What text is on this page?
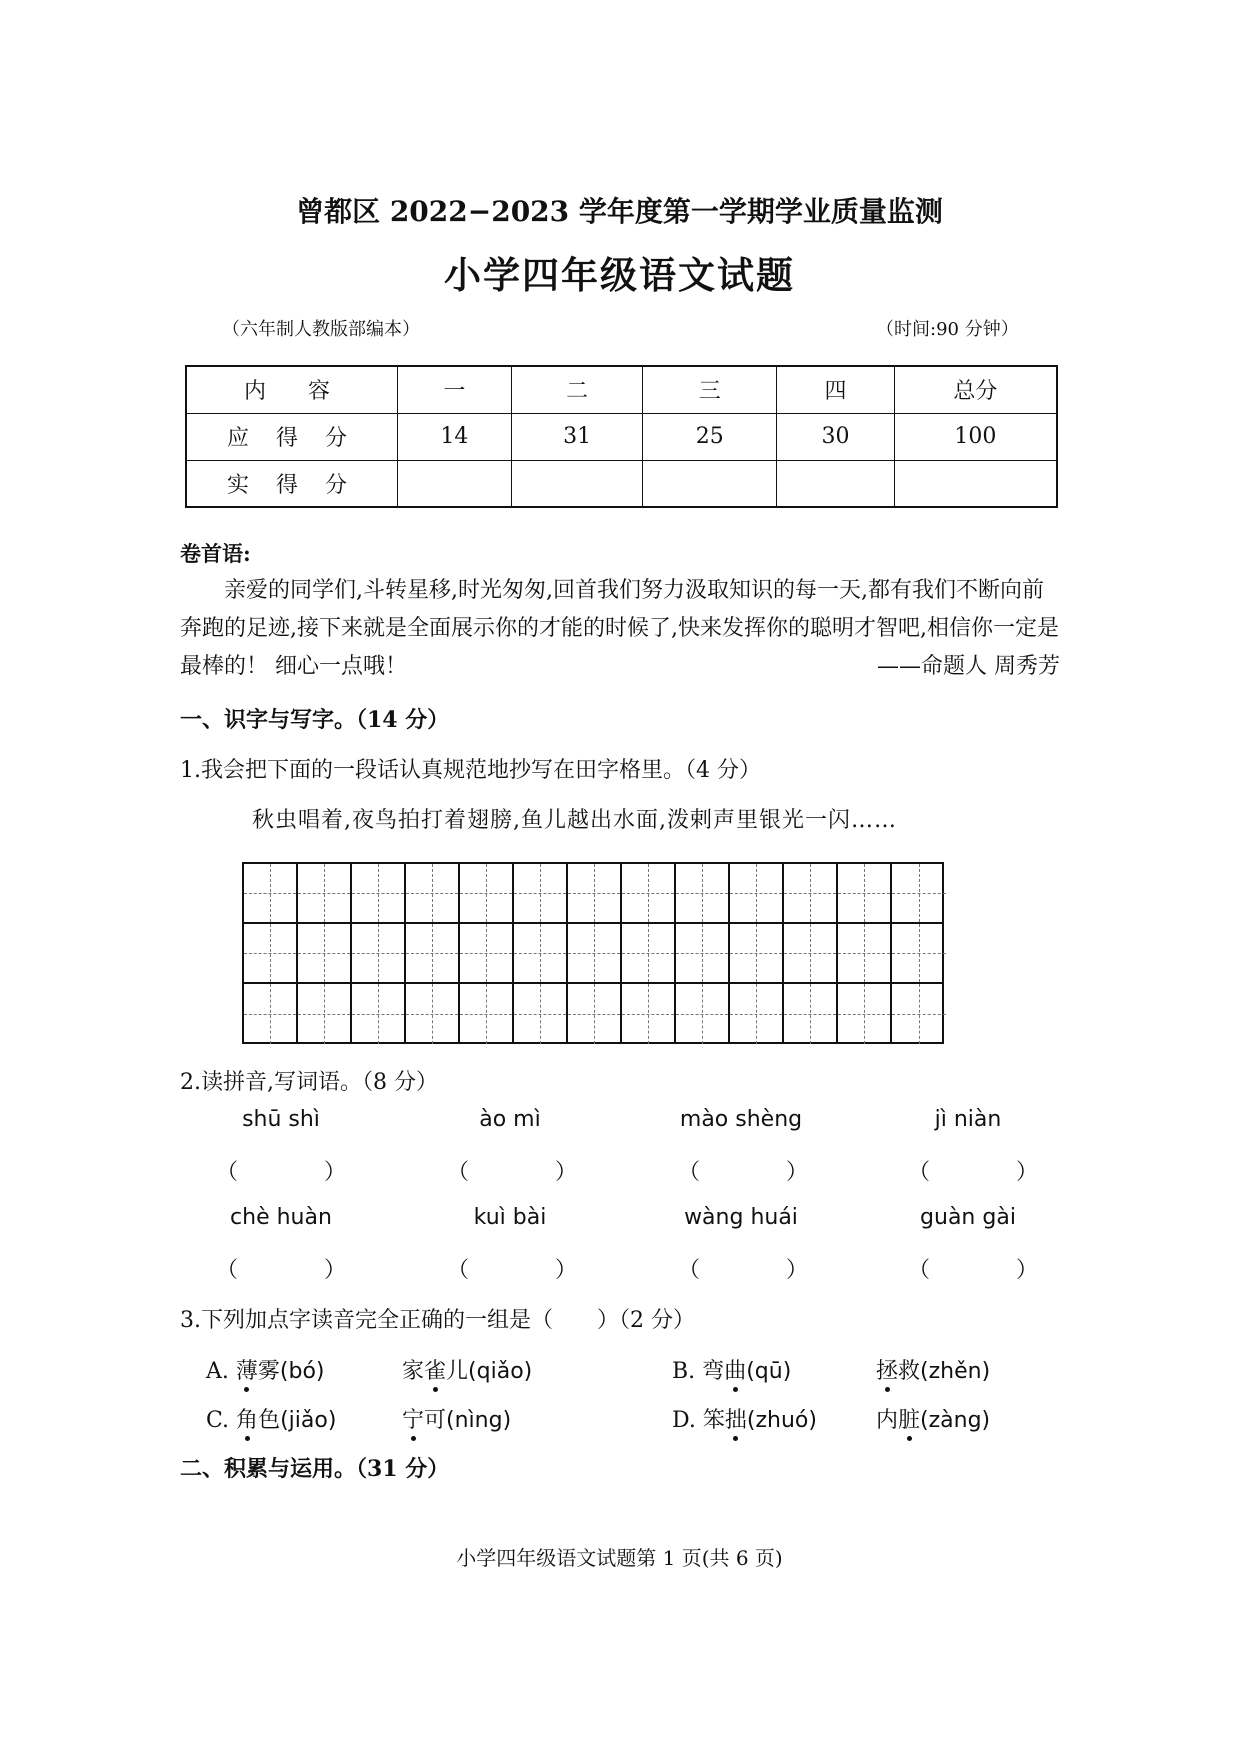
曾都区 2022−2023 学年度第一学期学业质量监测
小学四年级语文试题
（六年制人教版部编本）	（时间:90 分钟）
内　容	一	二	三	四	总分
应 得 分	14	31	25	30	100
实 得 分					
卷首语:

亲爱的同学们,斗转星移,时光匆匆,回首我们努力汲取知识的每一天,都有我们不断向前奔跑的足迹,接下来就是全面展示你的才能的时候了,快来发挥你的聪明才智吧,相信你一定是最棒的！ 细心一点哦！	——命题人 周秀芳
一、识字与写字。（14 分）
1.我会把下面的一段话认真规范地抄写在田字格里。（4 分）
秋虫唱着,夜鸟拍打着翅膀,鱼儿越出水面,泼剌声里银光一闪……
2.读拼音,写词语。（8 分）
shū shì	ào mì	mào shèng	jì niàn
（	）	（	）	（	）	（	）
chè huàn	kuì bài	wàng huái	guàn gài
（	）	（	）	（	）	（	）
3.下列加点字读音完全正确的一组是（　　）（2 分）
A. 薄雾(bó)	家雀儿(qiǎo)	B. 弯曲(qū)	拯救(zhěn)
C. 角色(jiǎo)	宁可(nìng)	D. 笨拙(zhuó)	内脏(zàng)
二、积累与运用。（31 分）
小学四年级语文试题第 1 页(共 6 页)
